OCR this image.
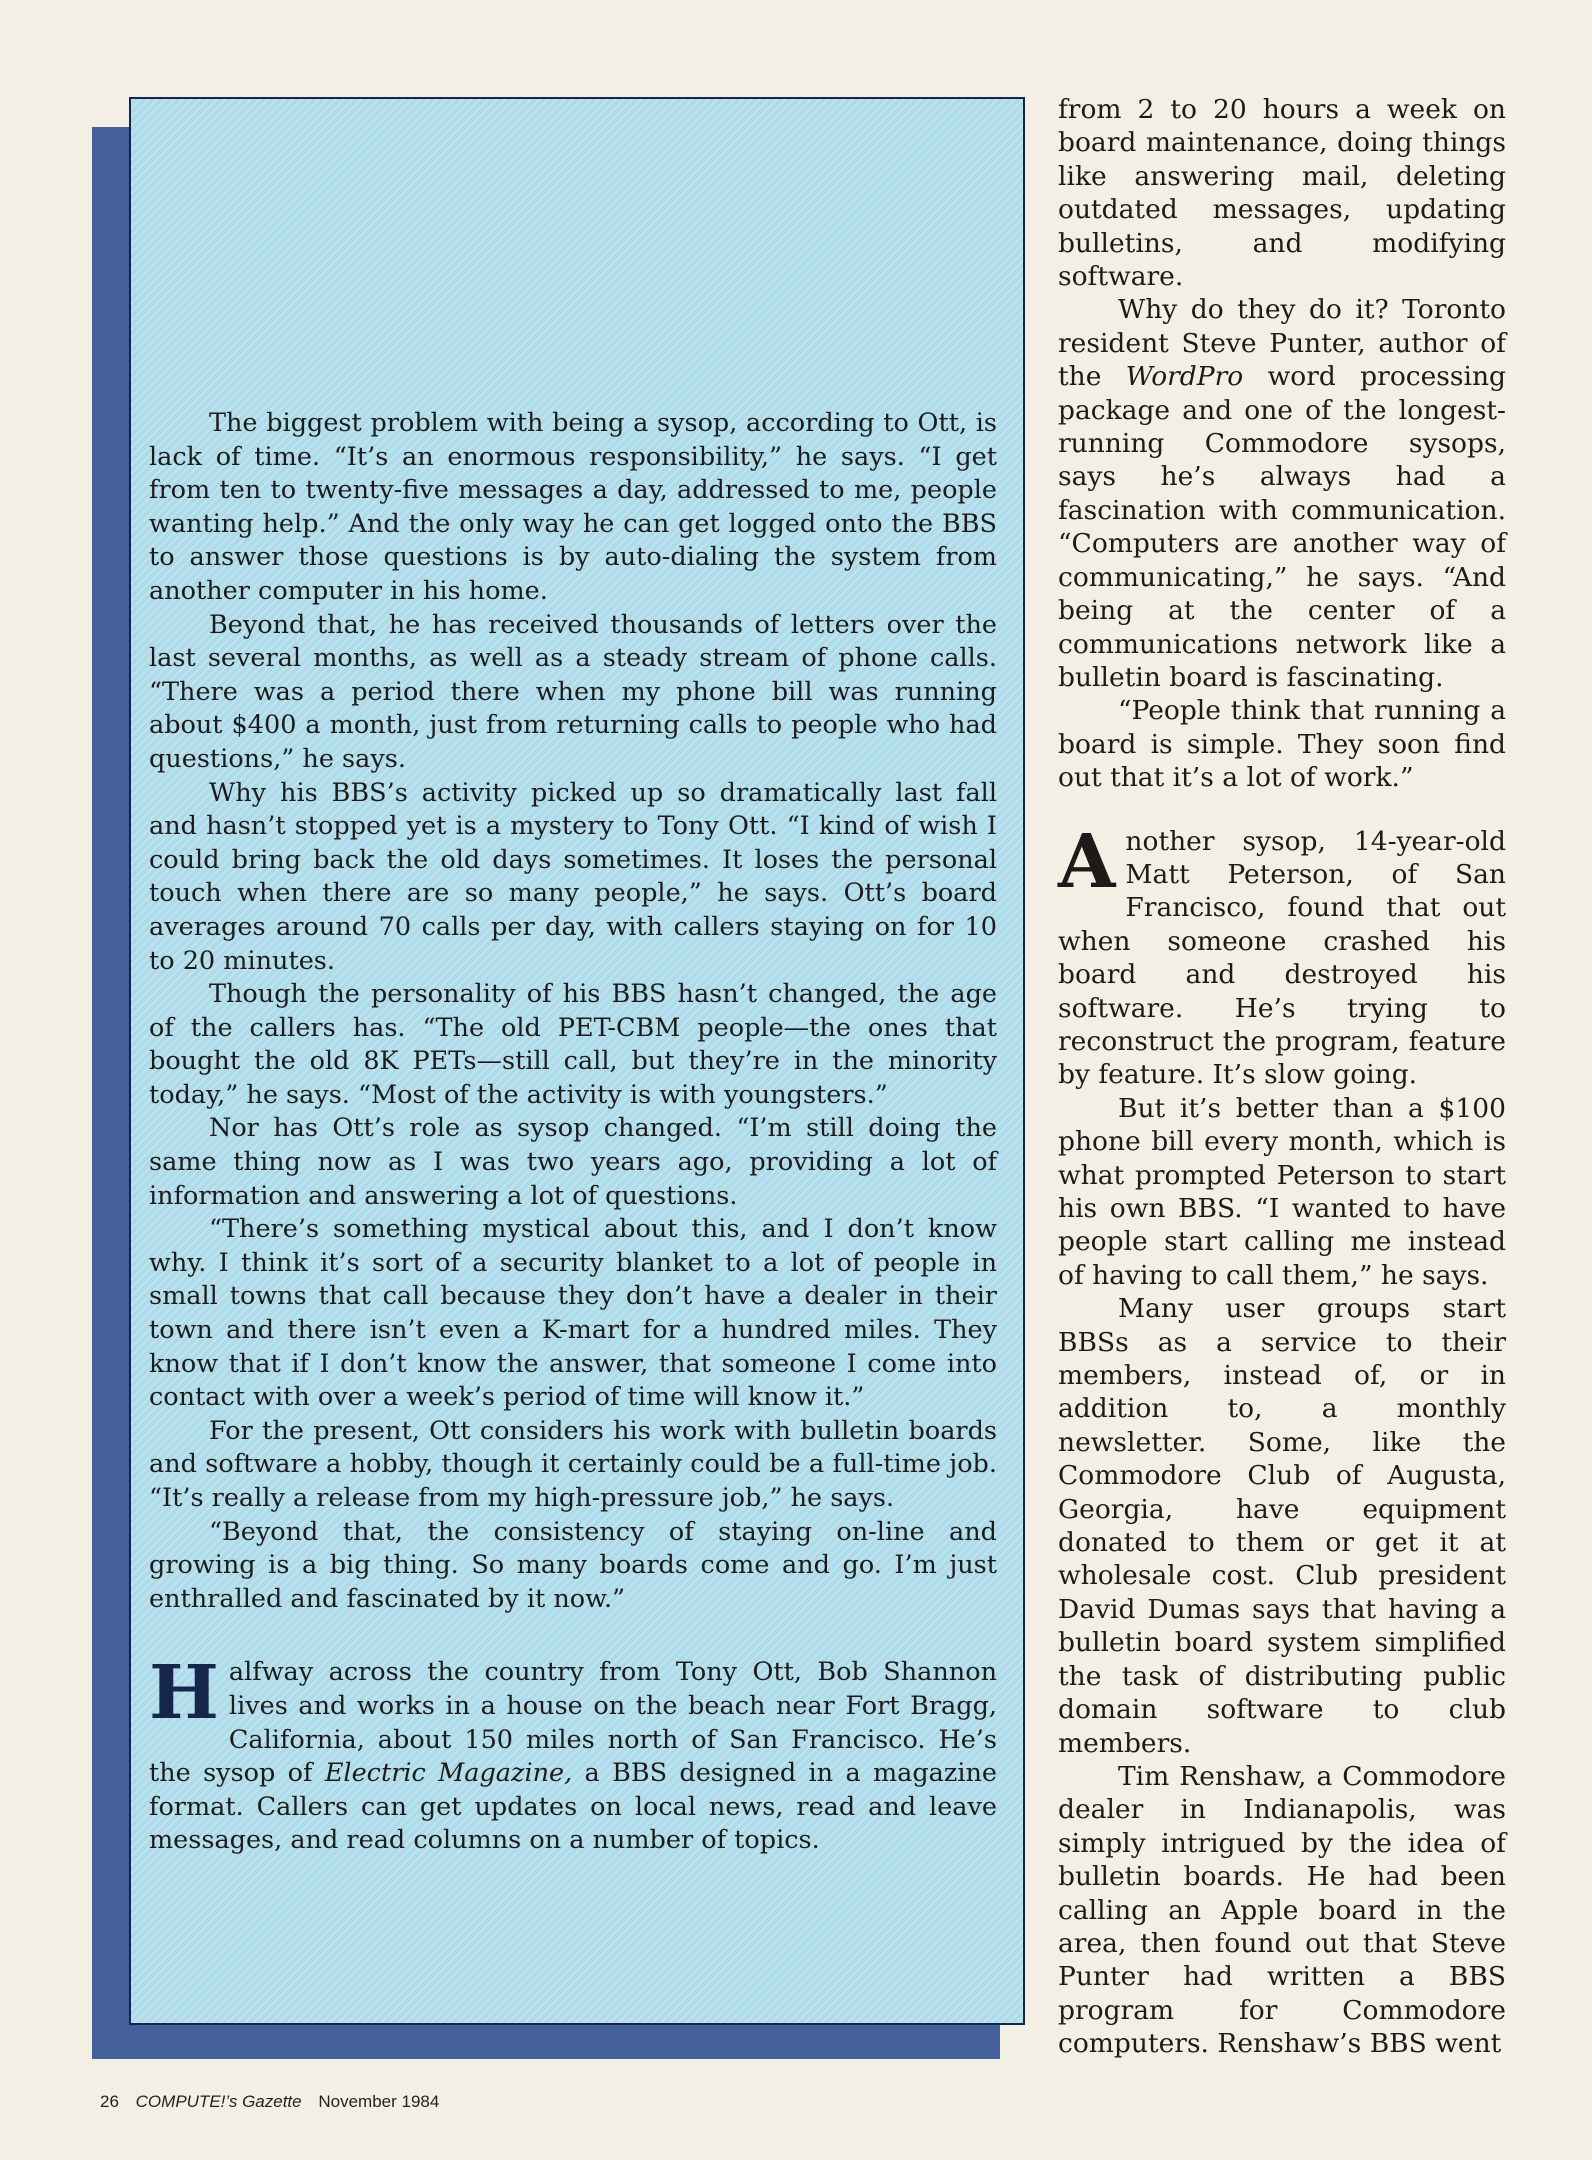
The biggest problem with being a sysop, according to Ott, is lack of time. “It’s an enormous responsibility,” he says. “I get from ten to twenty-five messages a day, addressed to me, people wanting help.” And the only way he can get logged onto the BBS to answer those questions is by auto-dialing the system from another computer in his home.

Beyond that, he has received thousands of letters over the last several months, as well as a steady stream of phone calls. “There was a period there when my phone bill was running about $400 a month, just from returning calls to people who had questions,” he says.

Why his BBS’s activity picked up so dramatically last fall and hasn’t stopped yet is a mystery to Tony Ott. “I kind of wish I could bring back the old days sometimes. It loses the personal touch when there are so many people,” he says. Ott’s board averages around 70 calls per day, with callers staying on for 10 to 20 minutes.

Though the personality of his BBS hasn’t changed, the age of the callers has. “The old PET-CBM people—the ones that bought the old 8K PETs—still call, but they’re in the minority today,” he says. “Most of the activity is with youngsters.”

Nor has Ott’s role as sysop changed. “I’m still doing the same thing now as I was two years ago, providing a lot of information and answering a lot of questions.

“There’s something mystical about this, and I don’t know why. I think it’s sort of a security blanket to a lot of people in small towns that call because they don’t have a dealer in their town and there isn’t even a K-mart for a hundred miles. They know that if I don’t know the answer, that someone I come into contact with over a week’s period of time will know it.”

For the present, Ott considers his work with bulletin boards and software a hobby, though it certainly could be a full-time job. “It’s really a release from my high-pressure job,” he says.

“Beyond that, the consistency of staying on-line and growing is a big thing. So many boards come and go. I’m just enthralled and fascinated by it now.”

Halfway across the country from Tony Ott, Bob Shannon lives and works in a house on the beach near Fort Bragg, California, about 150 miles north of San Francisco. He’s the sysop of Electric Magazine, a BBS designed in a magazine format. Callers can get updates on local news, read and leave messages, and read columns on a number of topics.

from 2 to 20 hours a week on board maintenance, doing things like answering mail, deleting outdated messages, updating bulletins, and modifying software.

Why do they do it? Toronto resident Steve Punter, author of the WordPro word processing package and one of the longest-running Commodore sysops, says he’s always had a fascination with communication. “Computers are another way of communicating,” he says. “And being at the center of a communications network like a bulletin board is fascinating.

“People think that running a board is simple. They soon find out that it’s a lot of work.”

Another sysop, 14-year-old Matt Peterson, of San Francisco, found that out when someone crashed his board and destroyed his software. He’s trying to reconstruct the program, feature by feature. It’s slow going.

But it’s better than a $100 phone bill every month, which is what prompted Peterson to start his own BBS. “I wanted to have people start calling me instead of having to call them,” he says.

Many user groups start BBSs as a service to their members, instead of, or in addition to, a monthly newsletter. Some, like the Commodore Club of Augusta, Georgia, have equipment donated to them or get it at wholesale cost. Club president David Dumas says that having a bulletin board system simplified the task of distributing public domain software to club members.

Tim Renshaw, a Commodore dealer in Indianapolis, was simply intrigued by the idea of bulletin boards. He had been calling an Apple board in the area, then found out that Steve Punter had written a BBS program for Commodore computers. Renshaw’s BBS went

26 COMPUTE!’s Gazette November 1984
